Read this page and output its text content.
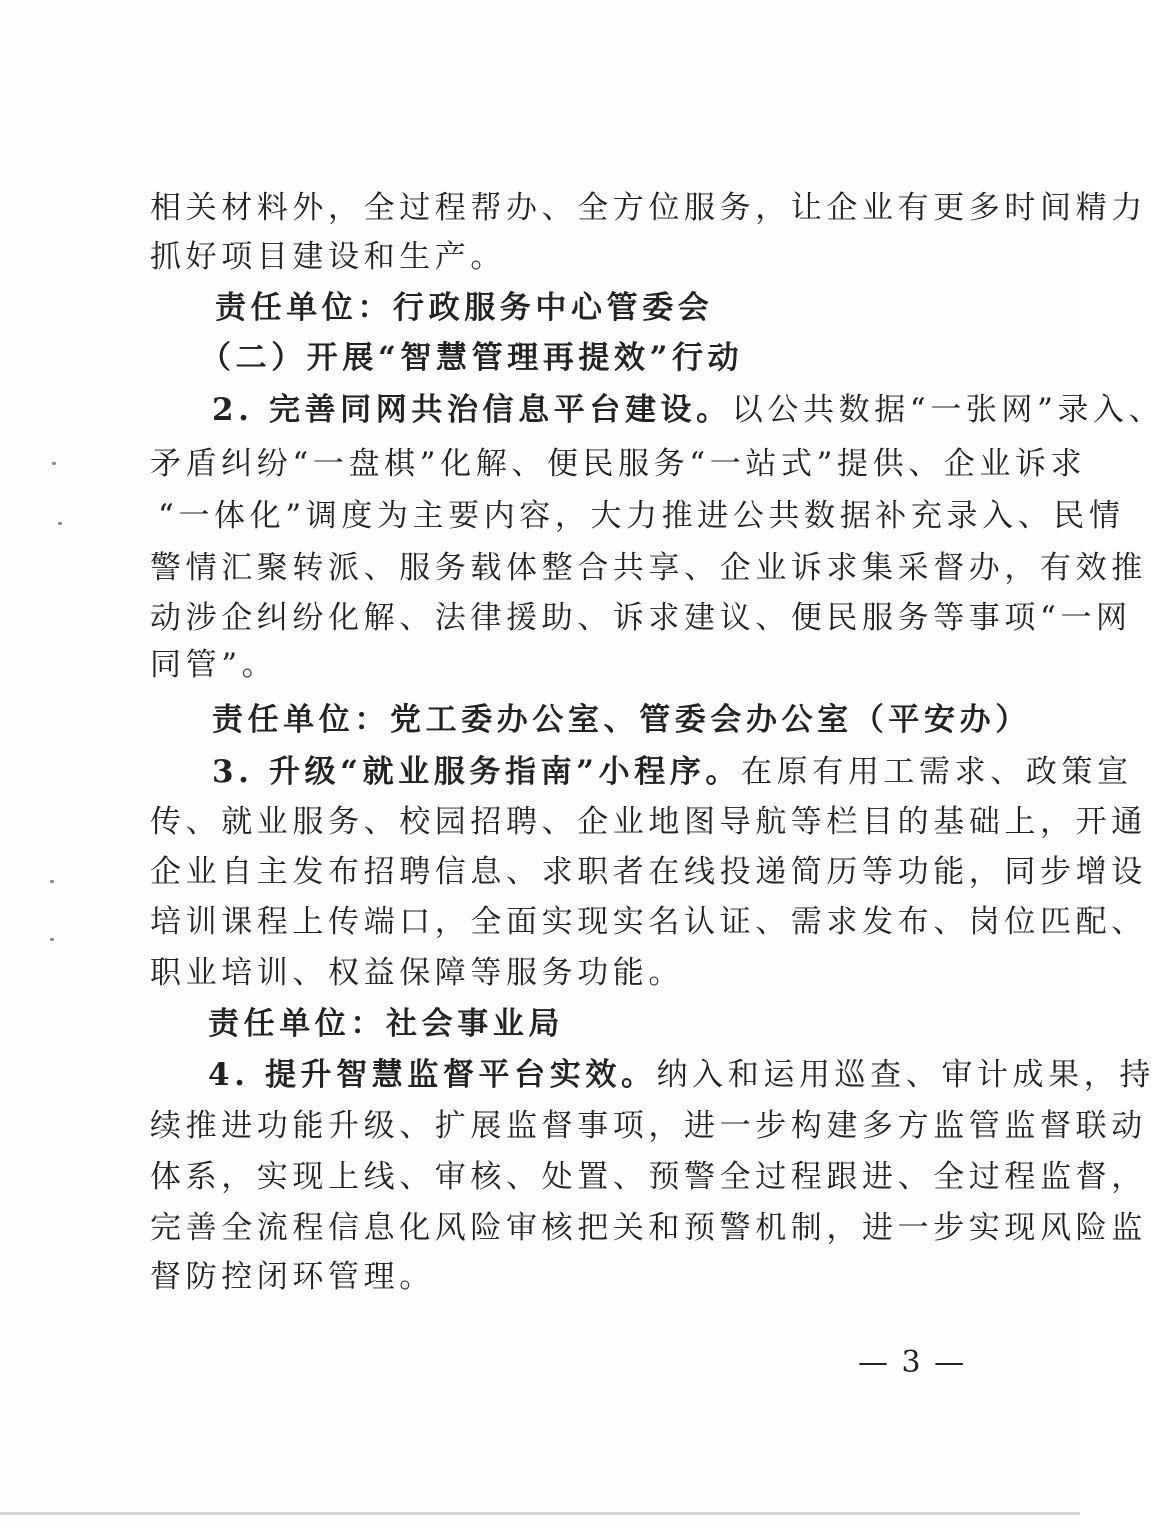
相关材料外，全过程帮办、全方位服务，让企业有更多时间精力
抓好项目建设和生产。
责任单位：行政服务中心管委会
（二）开展“智慧管理再提效”行动
2. 完善同网共治信息平台建设。以公共数据“一张网”录入、
矛盾纠纷“一盘棋”化解、便民服务“一站式”提供、企业诉求
“一体化”调度为主要内容，大力推进公共数据补充录入、民情
警情汇聚转派、服务载体整合共享、企业诉求集采督办，有效推
动涉企纠纷化解、法律援助、诉求建议、便民服务等事项“一网
同管”。
责任单位：党工委办公室、管委会办公室（平安办）
3. 升级“就业服务指南”小程序。在原有用工需求、政策宣
传、就业服务、校园招聘、企业地图导航等栏目的基础上，开通
企业自主发布招聘信息、求职者在线投递简历等功能，同步增设
培训课程上传端口，全面实现实名认证、需求发布、岗位匹配、
职业培训、权益保障等服务功能。
责任单位：社会事业局
4. 提升智慧监督平台实效。纳入和运用巡查、审计成果，持
续推进功能升级、扩展监督事项，进一步构建多方监管监督联动
体系，实现上线、审核、处置、预警全过程跟进、全过程监督，
完善全流程信息化风险审核把关和预警机制，进一步实现风险监
督防控闭环管理。
— 3 —
